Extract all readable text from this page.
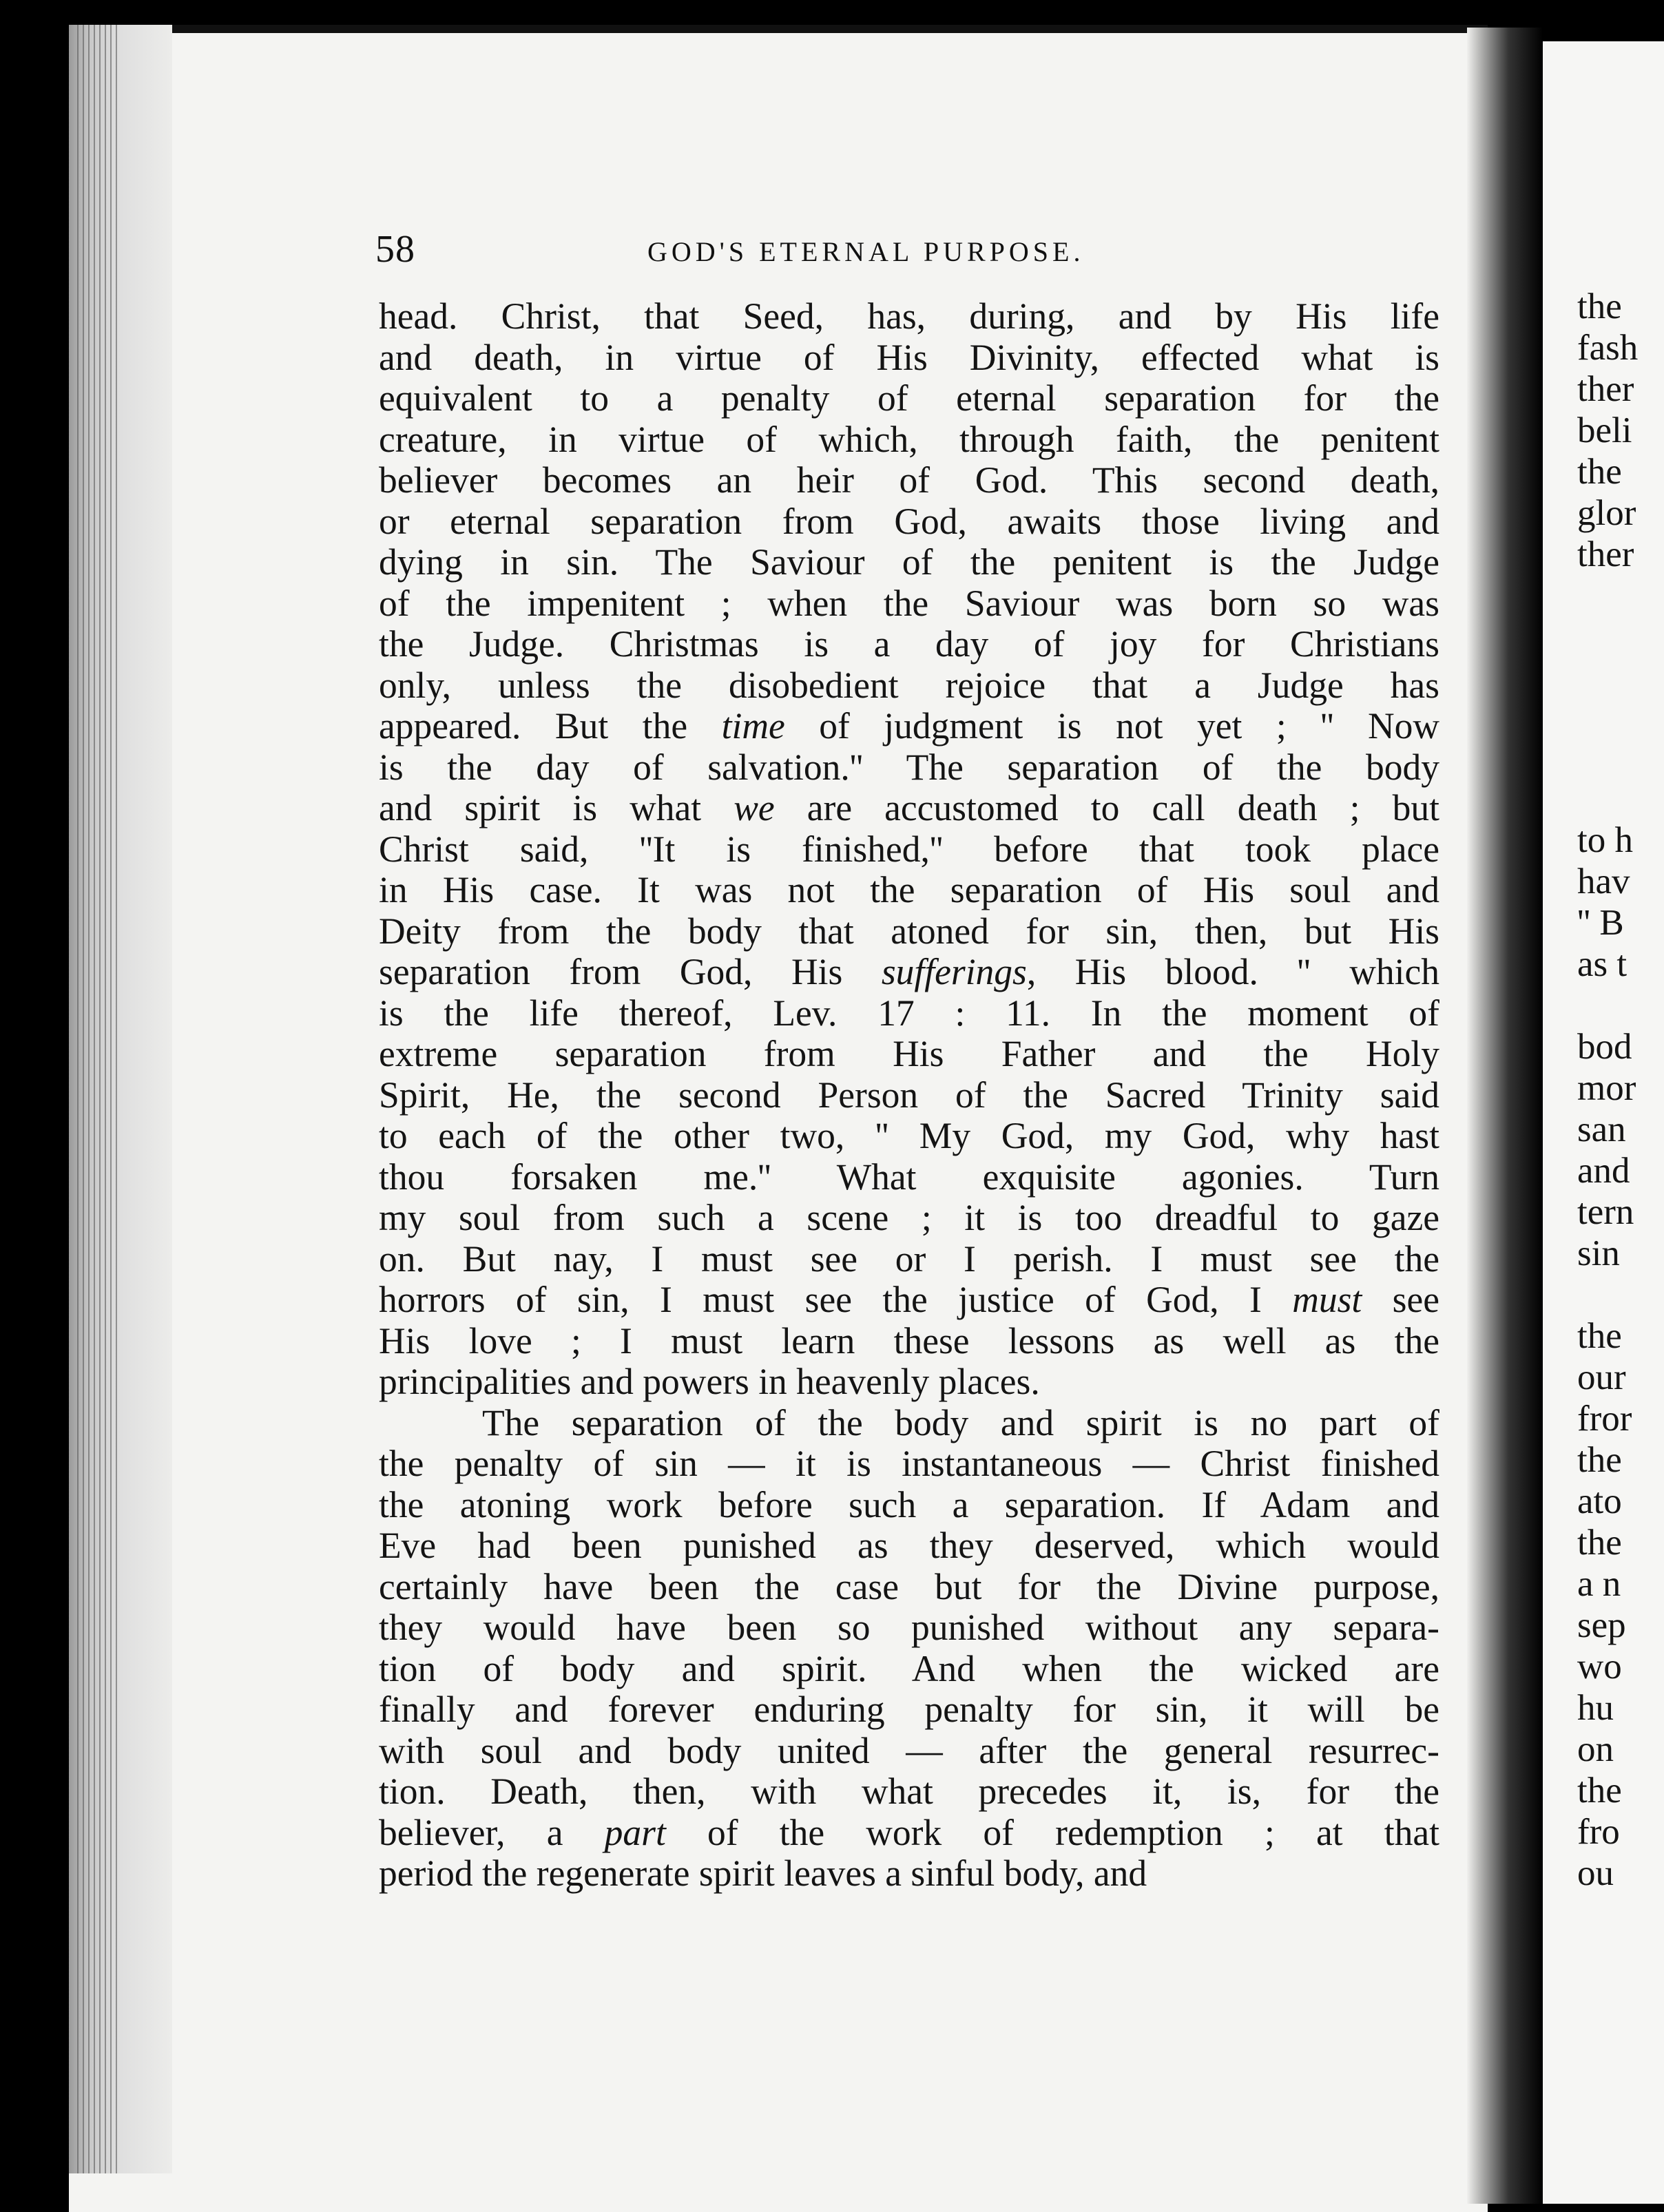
58	GOD'S ETERNAL PURPOSE.
head. Christ, that Seed, has, during, and by His life
and death, in virtue of His Divinity, effected what is
equivalent to a penalty of eternal separation for the
creature, in virtue of which, through faith, the penitent
believer becomes an heir of God. This second death,
or eternal separation from God, awaits those living and
dying in sin. The Saviour of the penitent is the Judge
of the impenitent ; when the Saviour was born so was
the Judge. Christmas is a day of joy for Christians
only, unless the disobedient rejoice that a Judge has
appeared. But the time of judgment is not yet ; '' Now
is the day of salvation.'' The separation of the body
and spirit is what we are accustomed to call death ; but
Christ said, ''It is finished,'' before that took place
in His case. It was not the separation of His soul and
Deity from the body that atoned for sin, then, but His
separation from God, His sufferings, His blood. '' which
is the life thereof, Lev. 17 : 11. In the moment of
extreme separation from His Father and the Holy
Spirit, He, the second Person of the Sacred Trinity said
to each of the other two, '' My God, my God, why hast
thou forsaken me.'' What exquisite agonies. Turn
my soul from such a scene ; it is too dreadful to gaze
on. But nay, I must see or I perish. I must see the
horrors of sin, I must see the justice of God, I must see
His love ; I must learn these lessons as well as the
principalities and powers in heavenly places.
The separation of the body and spirit is no part of
the penalty of sin — it is instantaneous — Christ finished
the atoning work before such a separation. If Adam and
Eve had been punished as they deserved, which would
certainly have been the case but for the Divine purpose,
they would have been so punished without any separa-
tion of body and spirit. And when the wicked are
finally and forever enduring penalty for sin, it will be
with soul and body united — after the general resurrec-
tion. Death, then, with what precedes it, is, for the
believer, a part of the work of redemption ; at that
period the regenerate spirit leaves a sinful body, and
the
fash
ther
beli
the
glor
ther
to h
hav
'' B
as t
bod
mor
san
and
tern
sin
the
our
fror
the
ato
the
a n
sep
wo
hu
on
the
fro
ou
